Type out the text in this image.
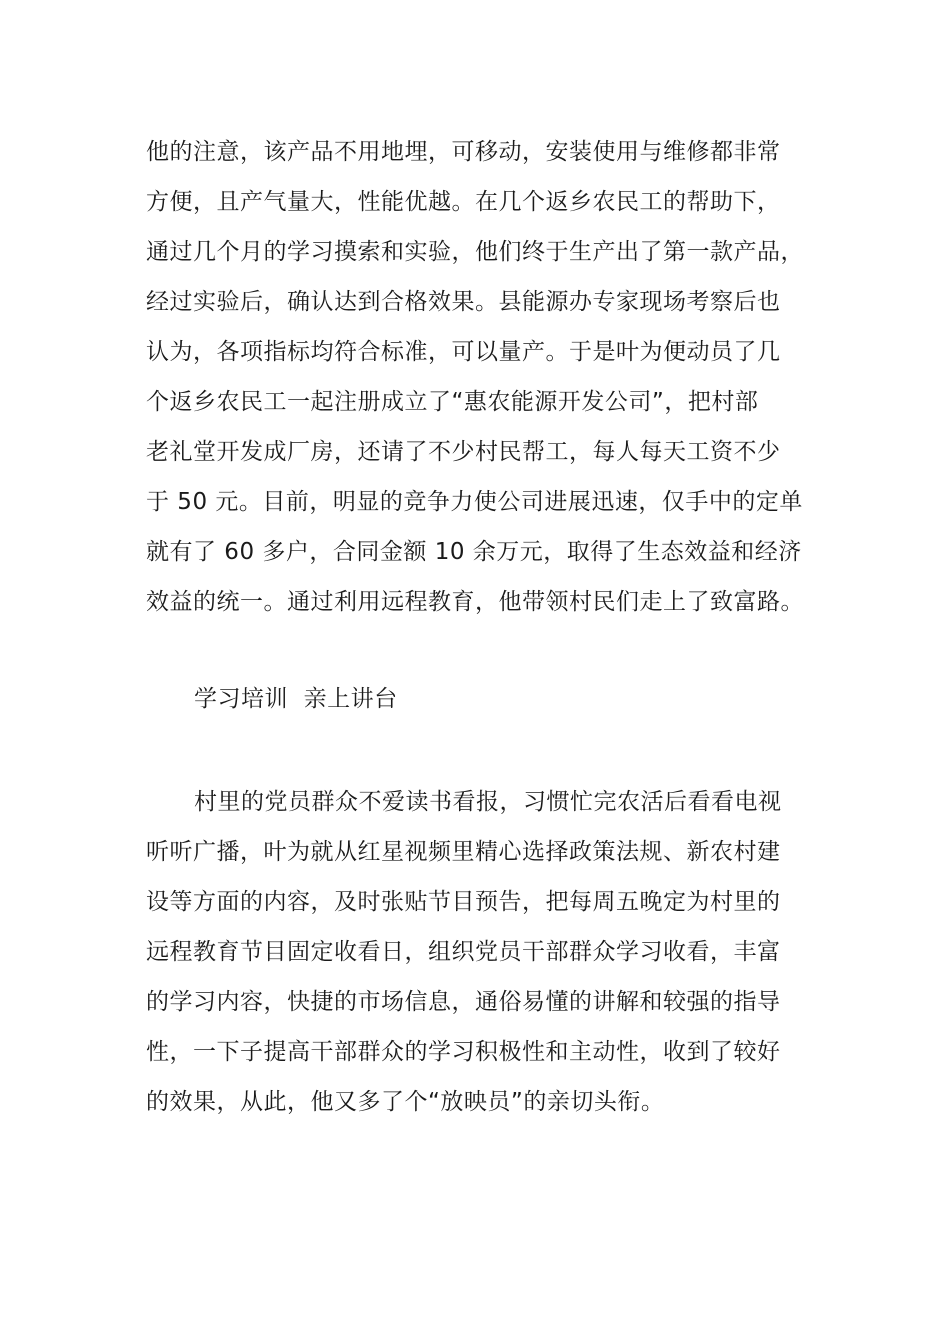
他的注意，该产品不用地埋，可移动，安装使用与维修都非常
方便，且产气量大，性能优越。在几个返乡农民工的帮助下，
通过几个月的学习摸索和实验，他们终于生产出了第一款产品，
经过实验后，确认达到合格效果。县能源办专家现场考察后也
认为，各项指标均符合标准，可以量产。于是叶为便动员了几
个返乡农民工一起注册成立了“惠农能源开发公司”，把村部
老礼堂开发成厂房，还请了不少村民帮工，每人每天工资不少
于 50 元。目前，明显的竞争力使公司进展迅速，仅手中的定单
就有了 60 多户，合同金额 10 余万元，取得了生态效益和经济
效益的统一。通过利用远程教育，他带领村民们走上了致富路。
学习培训  亲上讲台
村里的党员群众不爱读书看报，习惯忙完农活后看看电视
听听广播，叶为就从红星视频里精心选择政策法规、新农村建
设等方面的内容，及时张贴节目预告，把每周五晚定为村里的
远程教育节目固定收看日，组织党员干部群众学习收看，丰富
的学习内容，快捷的市场信息，通俗易懂的讲解和较强的指导
性，一下子提高干部群众的学习积极性和主动性，收到了较好
的效果，从此，他又多了个“放映员”的亲切头衔。
